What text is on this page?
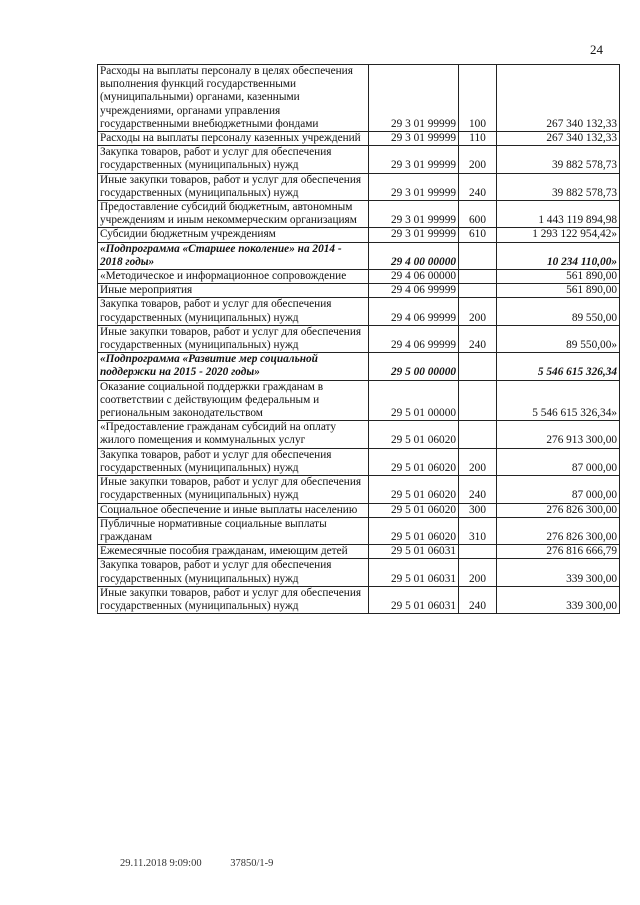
24
Расходы на выплаты персоналу в целях обеспечения выполнения функций государственными (муниципальными) органами, казенными учреждениями, органами управления государственными внебюджетными фондами	29 3 01 99999	100	267 340 132,33
Расходы на выплаты персоналу казенных учреждений	29 3 01 99999	110	267 340 132,33
Закупка товаров, работ и услуг для обеспечения государственных (муниципальных) нужд	29 3 01 99999	200	39 882 578,73
Иные закупки товаров, работ и услуг для обеспечения государственных (муниципальных) нужд	29 3 01 99999	240	39 882 578,73
Предоставление субсидий бюджетным, автономным учреждениям и иным некоммерческим организациям	29 3 01 99999	600	1 443 119 894,98
Субсидии бюджетным учреждениям	29 3 01 99999	610	1 293 122 954,42»
«Подпрограмма «Старшее поколение» на 2014 - 2018 годы»	29 4 00 00000		10 234 110,00»
«Методическое и информационное сопровождение	29 4 06 00000		561 890,00
Иные мероприятия	29 4 06 99999		561 890,00
Закупка товаров, работ и услуг для обеспечения государственных (муниципальных) нужд	29 4 06 99999	200	89 550,00
Иные закупки товаров, работ и услуг для обеспечения государственных (муниципальных) нужд	29 4 06 99999	240	89 550,00»
«Подпрограмма «Развитие мер социальной поддержки на 2015 - 2020 годы»	29 5 00 00000		5 546 615 326,34
Оказание социальной поддержки гражданам в соответствии с действующим федеральным и региональным законодательством	29 5 01 00000		5 546 615 326,34»
«Предоставление гражданам субсидий на оплату жилого помещения и коммунальных услуг	29 5 01 06020		276 913 300,00
Закупка товаров, работ и услуг для обеспечения государственных (муниципальных) нужд	29 5 01 06020	200	87 000,00
Иные закупки товаров, работ и услуг для обеспечения государственных (муниципальных) нужд	29 5 01 06020	240	87 000,00
Социальное обеспечение и иные выплаты населению	29 5 01 06020	300	276 826 300,00
Публичные нормативные социальные выплаты гражданам	29 5 01 06020	310	276 826 300,00
Ежемесячные пособия гражданам, имеющим детей	29 5 01 06031		276 816 666,79
Закупка товаров, работ и услуг для обеспечения государственных (муниципальных) нужд	29 5 01 06031	200	339 300,00
Иные закупки товаров, работ и услуг для обеспечения государственных (муниципальных) нужд	29 5 01 06031	240	339 300,00
29.11.2018 9:09:00	37850/1-9
